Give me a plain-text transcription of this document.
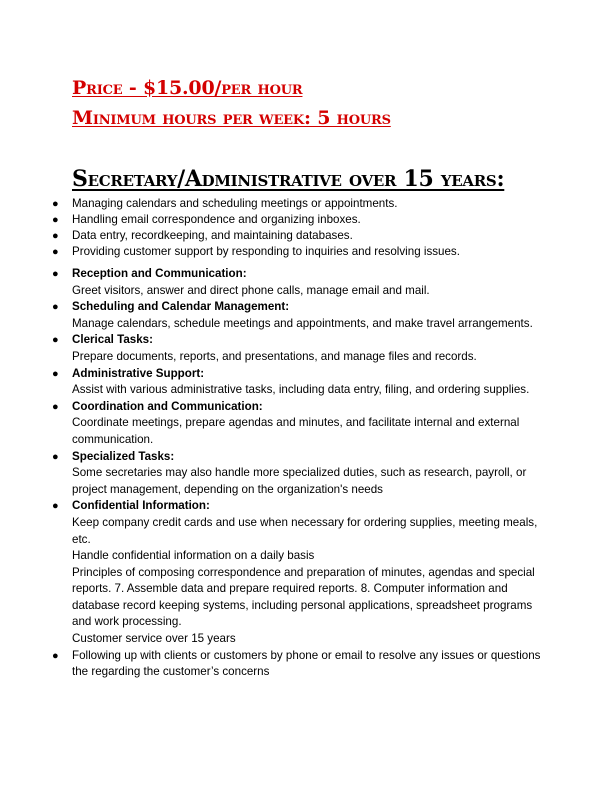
Price - $15.00/per hour

Minimum hours per week: 5 hours

Secretary/Administrative over 15 years:

● Managing calendars and scheduling meetings or appointments.
● Handling email correspondence and organizing inboxes.
● Data entry, recordkeeping, and maintaining databases.
● Providing customer support by responding to inquiries and resolving issues.
● Reception and Communication:
Greet visitors, answer and direct phone calls, manage email and mail.
● Scheduling and Calendar Management:
Manage calendars, schedule meetings and appointments, and make travel arrangements.
● Clerical Tasks:
Prepare documents, reports, and presentations, and manage files and records.
● Administrative Support:
Assist with various administrative tasks, including data entry, filing, and ordering supplies.
● Coordination and Communication:
Coordinate meetings, prepare agendas and minutes, and facilitate internal and external communication.
● Specialized Tasks:
Some secretaries may also handle more specialized duties, such as research, payroll, or project management, depending on the organization's needs
● Confidential Information:
Keep company credit cards and use when necessary for ordering supplies, meeting meals, etc.
Handle confidential information on a daily basis
Principles of composing correspondence and preparation of minutes, agendas and special reports. 7. Assemble data and prepare required reports. 8. Computer information and database record keeping systems, including personal applications, spreadsheet programs and work processing.
Customer service over 15 years
● Following up with clients or customers by phone or email to resolve any issues or questions the regarding the customer’s concerns
